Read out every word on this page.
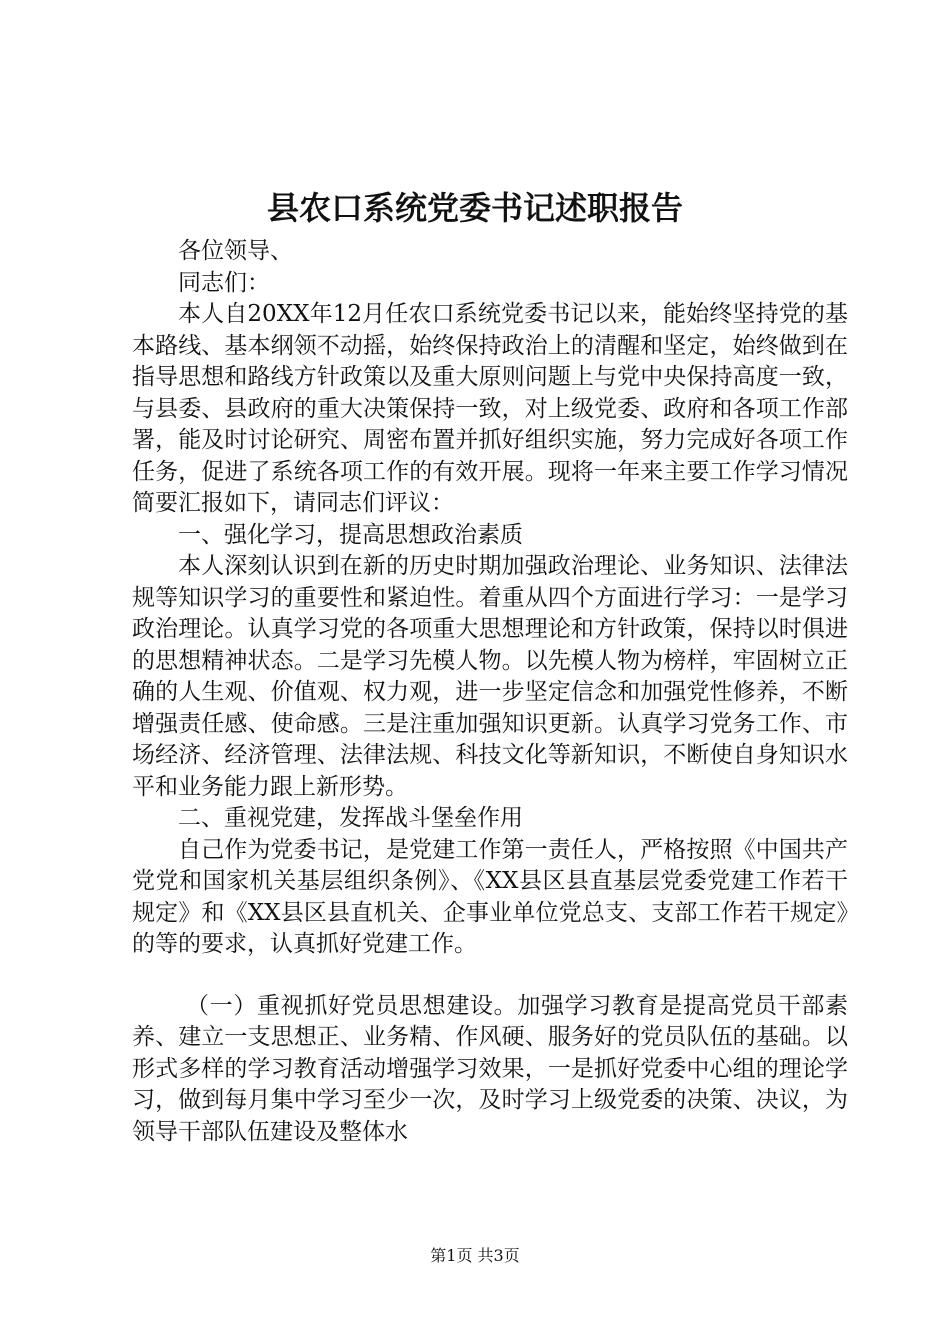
县农口系统党委书记述职报告

各位领导、

同志们：

本人自20XX年12月任农口系统党委书记以来，能始终坚持党的基本路线、基本纲领不动摇，始终保持政治上的清醒和坚定，始终做到在指导思想和路线方针政策以及重大原则问题上与党中央保持高度一致，与县委、县政府的重大决策保持一致，对上级党委、政府和各项工作部署，能及时讨论研究、周密布置并抓好组织实施，努力完成好各项工作任务，促进了系统各项工作的有效开展。现将一年来主要工作学习情况简要汇报如下，请同志们评议：

一、强化学习，提高思想政治素质

本人深刻认识到在新的历史时期加强政治理论、业务知识、法律法规等知识学习的重要性和紧迫性。着重从四个方面进行学习：一是学习政治理论。认真学习党的各项重大思想理论和方针政策，保持以时俱进的思想精神状态。二是学习先模人物。以先模人物为榜样，牢固树立正确的人生观、价值观、权力观，进一步坚定信念和加强党性修养，不断增强责任感、使命感。三是注重加强知识更新。认真学习党务工作、市场经济、经济管理、法律法规、科技文化等新知识，不断使自身知识水平和业务能力跟上新形势。

二、重视党建，发挥战斗堡垒作用

自己作为党委书记，是党建工作第一责任人，严格按照《中国共产党党和国家机关基层组织条例》、《XX县区县直基层党委党建工作若干规定》和《XX县区县直机关、企事业单位党总支、支部工作若干规定》的等的要求，认真抓好党建工作。

（一）重视抓好党员思想建设。加强学习教育是提高党员干部素养、建立一支思想正、业务精、作风硬、服务好的党员队伍的基础。以形式多样的学习教育活动增强学习效果，一是抓好党委中心组的理论学习，做到每月集中学习至少一次，及时学习上级党委的决策、决议，为领导干部队伍建设及整体水

第1页 共3页
